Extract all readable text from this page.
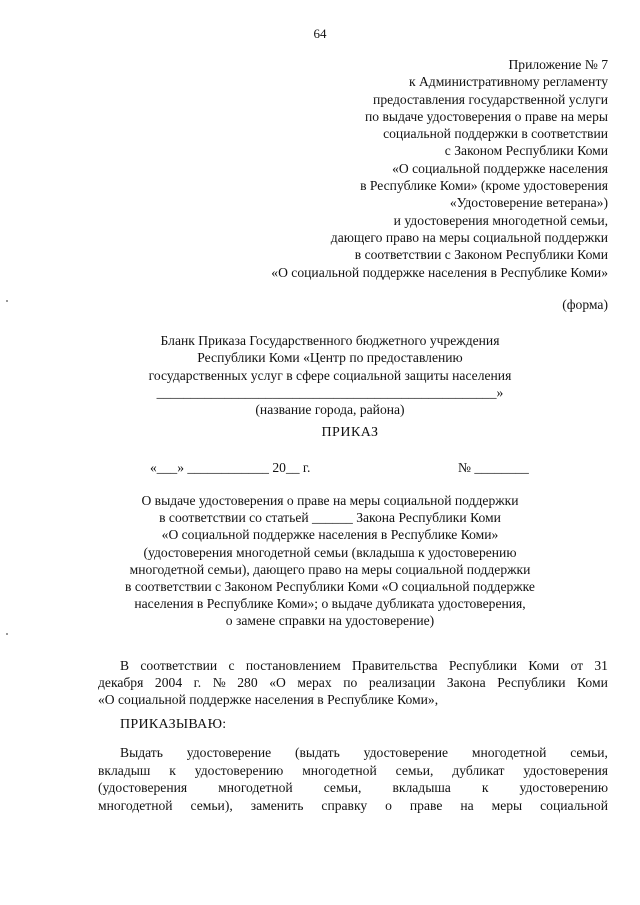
64
Приложение № 7
к Административному регламенту
предоставления государственной услуги
по выдаче удостоверения о праве на меры
социальной поддержки в соответствии
с Законом Республики Коми
«О социальной поддержке населения
в Республике Коми» (кроме удостоверения
«Удостоверение ветерана»)
и удостоверения многодетной семьи,
дающего право на меры социальной поддержки
в соответствии с Законом Республики Коми
«О социальной поддержке населения в Республике Коми»
(форма)
Бланк Приказа Государственного бюджетного учреждения
Республики Коми «Центр по предоставлению
государственных услуг в сфере социальной защиты населения
__________________________________________________»
(название города, района)
ПРИКАЗ
«___» ____________ 20__ г.	№ ________
О выдаче удостоверения о праве на меры социальной поддержки
в соответствии со статьей ______ Закона Республики Коми
«О социальной поддержке населения в Республике Коми»
(удостоверения многодетной семьи (вкладыша к удостоверению
многодетной семьи), дающего право на меры социальной поддержки
в соответствии с Законом Республики Коми «О социальной поддержке
населения в Республике Коми»; о выдаче дубликата удостоверения,
о замене справки на удостоверение)
В соответствии с постановлением Правительства Республики Коми от 31
декабря 2004 г. № 280 «О мерах по реализации Закона Республики Коми
«О социальной поддержке населения в Республике Коми»,
ПРИКАЗЫВАЮ:
Выдать удостоверение (выдать удостоверение многодетной семьи,
вкладыш к удостоверению многодетной семьи, дубликат удостоверения
(удостоверения многодетной семьи, вкладыша к удостоверению
многодетной семьи), заменить справку о праве на меры социальной
